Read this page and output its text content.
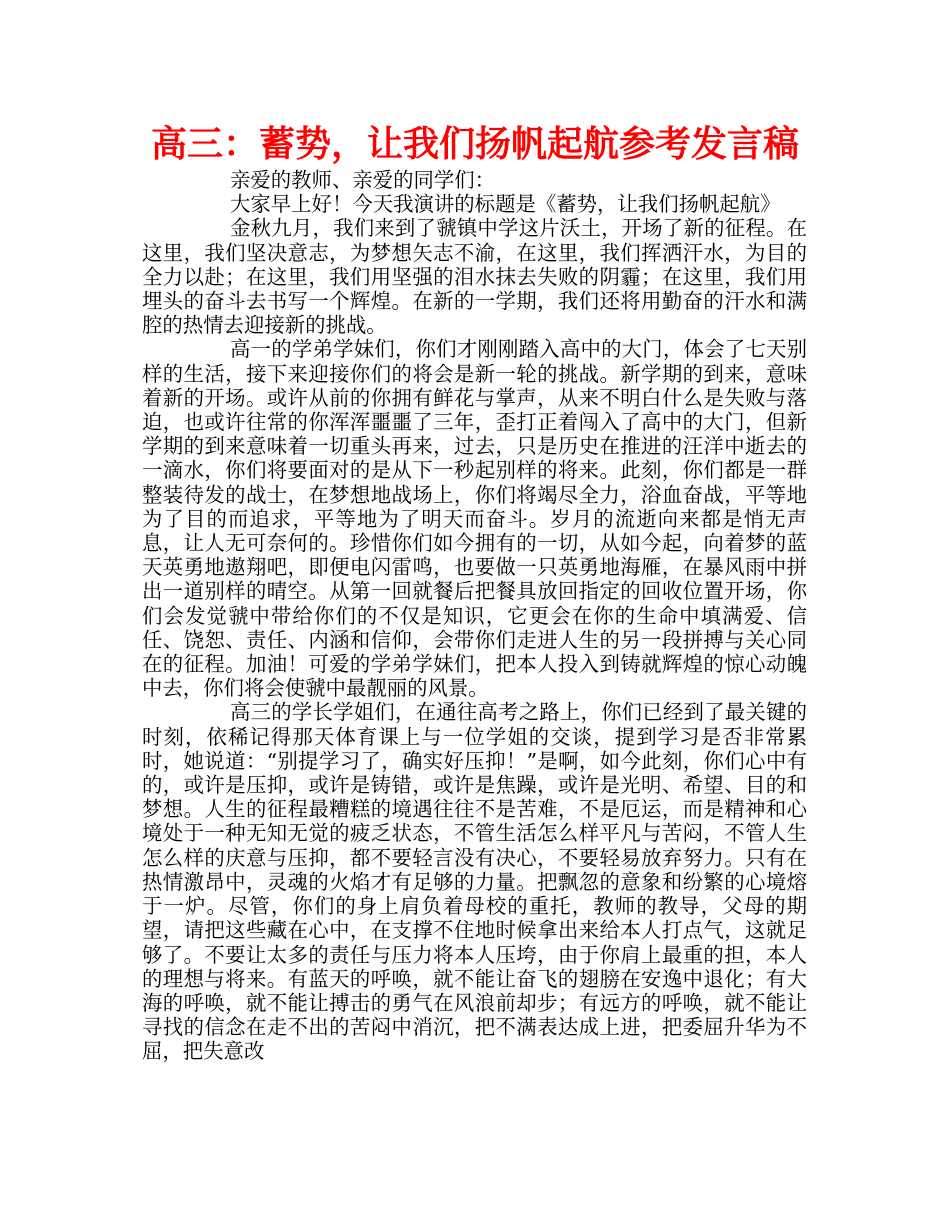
高三：蓄势，让我们扬帆起航参考发言稿

亲爱的教师、亲爱的同学们：

大家早上好！今天我演讲的标题是《蓄势，让我们扬帆起航》

金秋九月，我们来到了虢镇中学这片沃土，开场了新的征程。在这里，我们坚决意志，为梦想矢志不渝，在这里，我们挥洒汗水，为目的全力以赴；在这里，我们用坚强的泪水抹去失败的阴霾；在这里，我们用埋头的奋斗去书写一个辉煌。在新的一学期，我们还将用勤奋的汗水和满腔的热情去迎接新的挑战。

高一的学弟学妹们，你们才刚刚踏入高中的大门，体会了七天别样的生活，接下来迎接你们的将会是新一轮的挑战。新学期的到来，意味着新的开场。或许从前的你拥有鲜花与掌声，从来不明白什么是失败与落迫，也或许往常的你浑浑噩噩了三年，歪打正着闯入了高中的大门，但新学期的到来意味着一切重头再来，过去，只是历史在推进的汪洋中逝去的一滴水，你们将要面对的是从下一秒起别样的将来。此刻，你们都是一群整装待发的战士，在梦想地战场上，你们将竭尽全力，浴血奋战，平等地为了目的而追求，平等地为了明天而奋斗。岁月的流逝向来都是悄无声息，让人无可奈何的。珍惜你们如今拥有的一切，从如今起，向着梦的蓝天英勇地遨翔吧，即便电闪雷鸣，也要做一只英勇地海雁，在暴风雨中拼出一道别样的晴空。从第一回就餐后把餐具放回指定的回收位置开场，你们会发觉虢中带给你们的不仅是知识，它更会在你的生命中填满爱、信任、饶恕、责任、内涵和信仰，会带你们走进人生的另一段拼搏与关心同在的征程。加油！可爱的学弟学妹们，把本人投入到铸就辉煌的惊心动魄中去，你们将会使虢中最靓丽的风景。

高三的学长学姐们，在通往高考之路上，你们已经到了最关键的时刻，依稀记得那天体育课上与一位学姐的交谈，提到学习是否非常累时，她说道：“别提学习了，确实好压抑！”是啊，如今此刻，你们心中有的，或许是压抑，或许是铸错，或许是焦躁，或许是光明、希望、目的和梦想。人生的征程最糟糕的境遇往往不是苦难，不是厄运，而是精神和心境处于一种无知无觉的疲乏状态，不管生活怎么样平凡与苦闷，不管人生怎么样的庆意与压抑，都不要轻言没有决心，不要轻易放弃努力。只有在热情激昂中，灵魂的火焰才有足够的力量。把飘忽的意象和纷繁的心境熔于一炉。尽管，你们的身上肩负着母校的重托，教师的教导，父母的期望，请把这些藏在心中，在支撑不住地时候拿出来给本人打点气，这就足够了。不要让太多的责任与压力将本人压垮，由于你肩上最重的担，本人的理想与将来。有蓝天的呼唤，就不能让奋飞的翅膀在安逸中退化；有大海的呼唤，就不能让搏击的勇气在风浪前却步；有远方的呼唤，就不能让寻找的信念在走不出的苦闷中消沉，把不满表达成上进，把委屈升华为不屈，把失意改
